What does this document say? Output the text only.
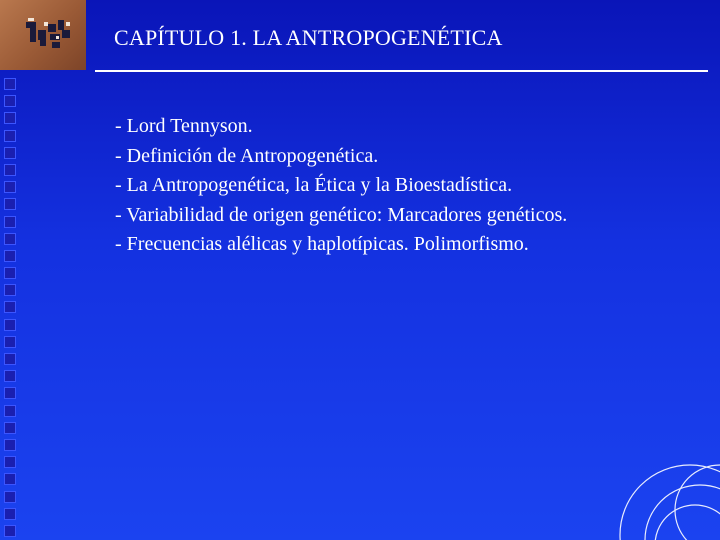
CAPÍTULO 1. LA ANTROPOGENÉTICA
- Lord Tennyson.
- Definición de Antropogenética.
- La Antropogenética, la Ética y la Bioestadística.
- Variabilidad de origen genético: Marcadores genéticos.
- Frecuencias alélicas y haplotípicas. Polimorfismo.
